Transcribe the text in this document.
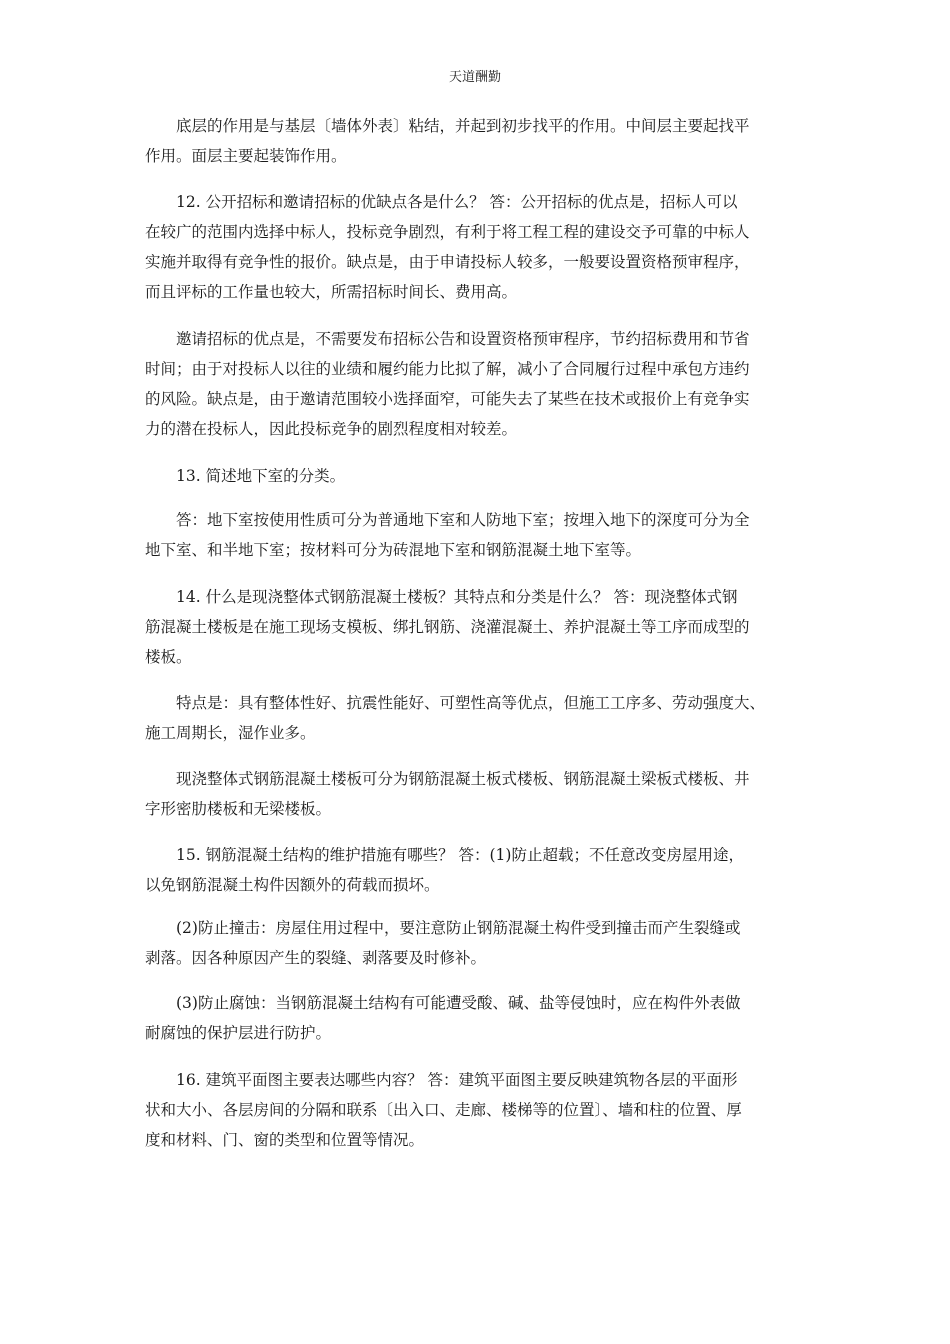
天道酬勤
　　底层的作用是与基层〔墙体外表〕粘结，并起到初步找平的作用。中间层主要起找平
作用。面层主要起装饰作用。
　　12. 公开招标和邀请招标的优缺点各是什么？ 答：公开招标的优点是，招标人可以
在较广的范围内选择中标人，投标竞争剧烈，有利于将工程工程的建设交予可靠的中标人
实施并取得有竞争性的报价。缺点是，由于申请投标人较多，一般要设置资格预审程序，
而且评标的工作量也较大，所需招标时间长、费用高。
　　邀请招标的优点是，不需要发布招标公告和设置资格预审程序，节约招标费用和节省
时间；由于对投标人以往的业绩和履约能力比拟了解，减小了合同履行过程中承包方违约
的风险。缺点是，由于邀请范围较小选择面窄，可能失去了某些在技术或报价上有竞争实
力的潜在投标人，因此投标竞争的剧烈程度相对较差。
　　13. 简述地下室的分类。
　　答：地下室按使用性质可分为普通地下室和人防地下室；按埋入地下的深度可分为全
地下室、和半地下室；按材料可分为砖混地下室和钢筋混凝土地下室等。
　　14. 什么是现浇整体式钢筋混凝土楼板？其特点和分类是什么？ 答：现浇整体式钢
筋混凝土楼板是在施工现场支模板、绑扎钢筋、浇灌混凝土、养护混凝土等工序而成型的
楼板。
　　特点是：具有整体性好、抗震性能好、可塑性高等优点，但施工工序多、劳动强度大、
施工周期长，湿作业多。
　　现浇整体式钢筋混凝土楼板可分为钢筋混凝土板式楼板、钢筋混凝土梁板式楼板、井
字形密肋楼板和无梁楼板。
　　15. 钢筋混凝土结构的维护措施有哪些？ 答：(1)防止超载；不任意改变房屋用途，
以免钢筋混凝土构件因额外的荷载而损坏。
　　(2)防止撞击：房屋住用过程中，要注意防止钢筋混凝土构件受到撞击而产生裂缝或
剥落。因各种原因产生的裂缝、剥落要及时修补。
　　(3)防止腐蚀：当钢筋混凝土结构有可能遭受酸、碱、盐等侵蚀时，应在构件外表做
耐腐蚀的保护层进行防护。
　　16. 建筑平面图主要表达哪些内容？ 答：建筑平面图主要反映建筑物各层的平面形
状和大小、各层房间的分隔和联系〔出入口、走廊、楼梯等的位置〕、墙和柱的位置、厚
度和材料、门、窗的类型和位置等情况。
